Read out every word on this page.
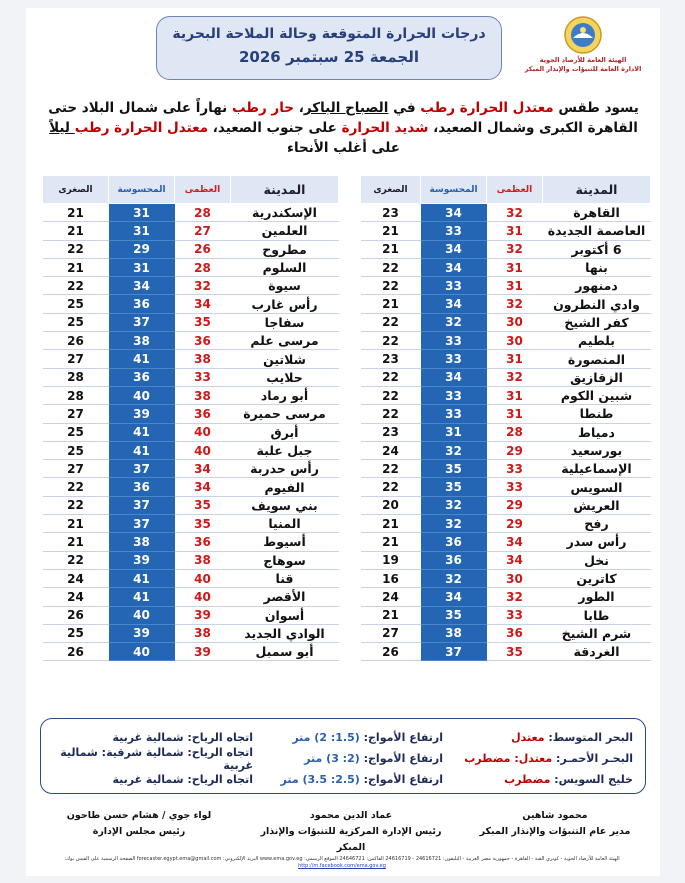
درجات الحرارة المتوقعة وحالة الملاحة البحرية
الجمعة 25 سبتمبر 2026	الهيئة العامة للأرصاد الجوية
الادارة العامة للتنبؤات والإنذار المبكر
يسود طقس معتدل الحرارة رطب في الصباح الباكر، حار رطب نهاراً على شمال البلاد حتى القاهرة الكبرى وشمال الصعيد، شديد الحرارة على جنوب الصعيد، معتدل الحرارة رطب ليلاً على أغلب الأنحاء
المدينة	العظمى	المحسوسة	الصغرى
القاهرة	32	34	23
العاصمة الجديدة	31	33	21
6 أكتوبر	32	34	21
بنها	31	34	22
دمنهور	31	33	22
وادي النطرون	32	34	21
كفر الشيخ	30	32	22
بلطيم	30	33	22
المنصورة	31	33	23
الزقازيق	32	34	22
شبين الكوم	31	33	22
طنطا	31	33	22
دمياط	28	31	23
بورسعيد	29	32	24
الإسماعيلية	33	35	22
السويس	33	35	22
العريش	29	32	20
رفح	29	32	21
رأس سدر	34	36	21
نخل	34	36	19
كاترين	30	32	16
الطور	32	34	24
طابا	33	35	21
شرم الشيخ	36	38	27
الغردقة	35	37	26
المدينة	العظمى	المحسوسة	الصغرى
الإسكندرية	28	31	21
العلمين	27	31	21
مطروح	26	29	22
السلوم	28	31	21
سيوة	32	34	22
رأس غارب	34	36	25
سفاجا	35	37	25
مرسى علم	36	38	26
شلاتين	38	41	27
حلايب	33	36	28
أبو رماد	38	40	28
مرسى حميرة	36	39	27
أبرق	40	41	25
جبل علبة	40	41	25
رأس حدربة	34	37	27
الفيوم	34	36	22
بني سويف	35	37	22
المنيا	35	37	21
أسيوط	36	38	21
سوهاج	38	39	22
قنا	40	41	24
الأقصر	40	41	24
أسوان	39	40	26
الوادي الجديد	38	39	25
أبو سمبل	39	40	26
البحر المتوسط: معتدل
ارتفاع الأمواج: (1.5: 2) متر
اتجاه الرياح: شمالية غربية
البحـر الأحمـر: معتدل: مضطرب
ارتفاع الأمواج: (2: 3) متر
اتجاه الرياح: شمالية شرقية: شمالية غربية
خليج السويس: مضطرب
ارتفاع الأمواج: (2.5: 3.5) متر
اتجاه الرياح: شمالية غربية
محمود شاهين
مدير عام التنبؤات والإنذار المبكر
عماد الدين محمود
رئيس الإدارة المركزية للتنبؤات والإنذار المبكر
لواء جوي / هشام حسن طاحون
رئيس مجلس الإدارة
الهيئة العامة للأرصاد الجوية - كوبري القبة - القاهرة - جمهورية مصر العربية - التليفون: 24616721 - 24616719 الفاكس: 24646721 الموقع الرسمي: www.ema.gov.eg البريد الإلكتروني: forecaster.egypt.ema@gmail.com الصفحة الرسمية على الفيس بوك: http://m.facebook.com/ema.gov.eg
